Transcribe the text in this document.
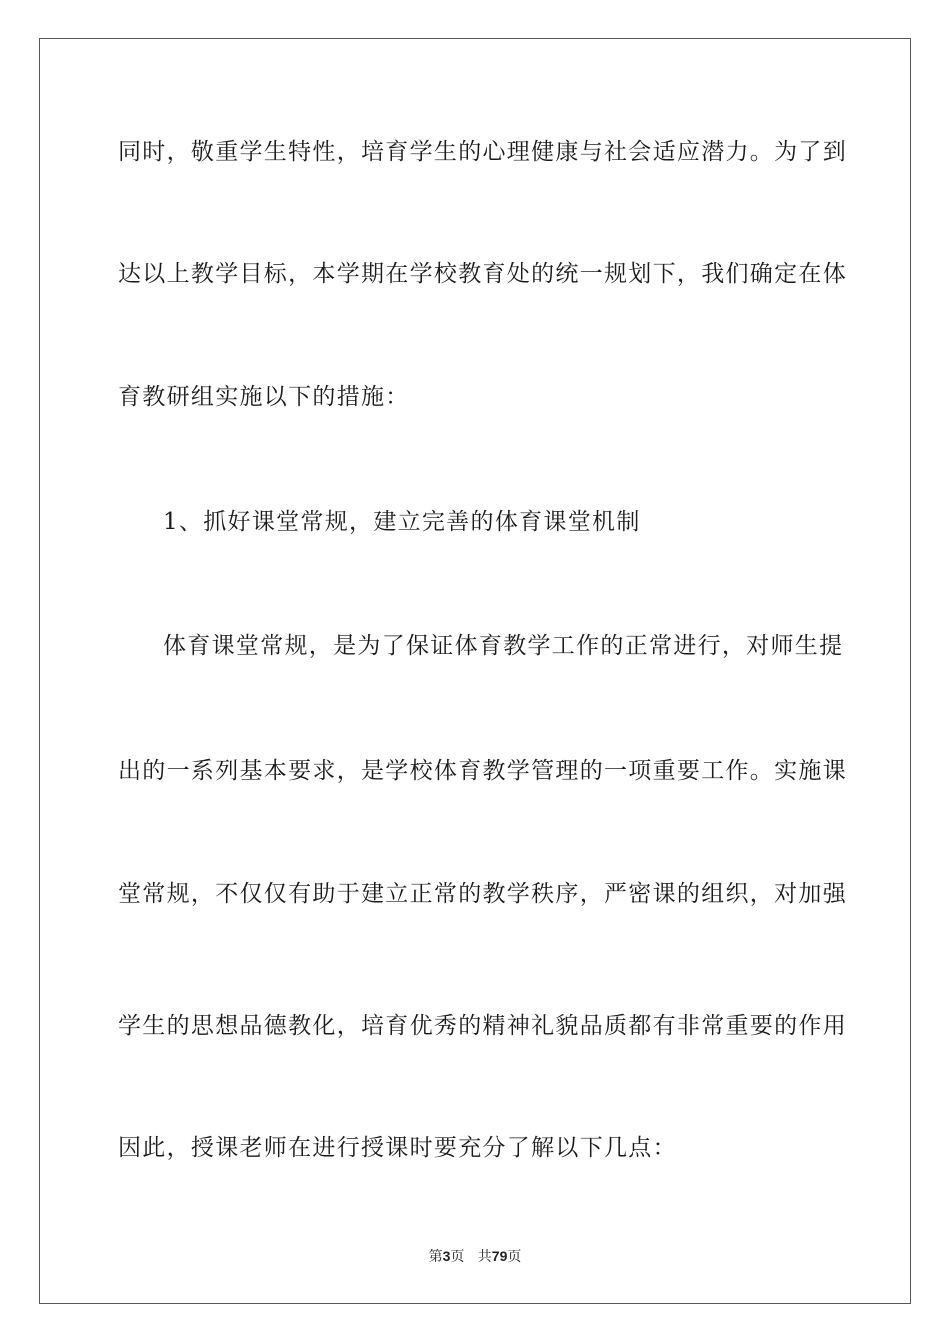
同时，敬重学生特性，培育学生的心理健康与社会适应潜力。为了到
达以上教学目标，本学期在学校教育处的统一规划下，我们确定在体
育教研组实施以下的措施：
1、抓好课堂常规，建立完善的体育课堂机制
体育课堂常规，是为了保证体育教学工作的正常进行，对师生提
出的一系列基本要求，是学校体育教学管理的一项重要工作。实施课
堂常规，不仅仅有助于建立正常的教学秩序，严密课的组织，对加强
学生的思想品德教化，培育优秀的精神礼貌品质都有非常重要的作用
因此，授课老师在进行授课时要充分了解以下几点：
第3页 共79页
